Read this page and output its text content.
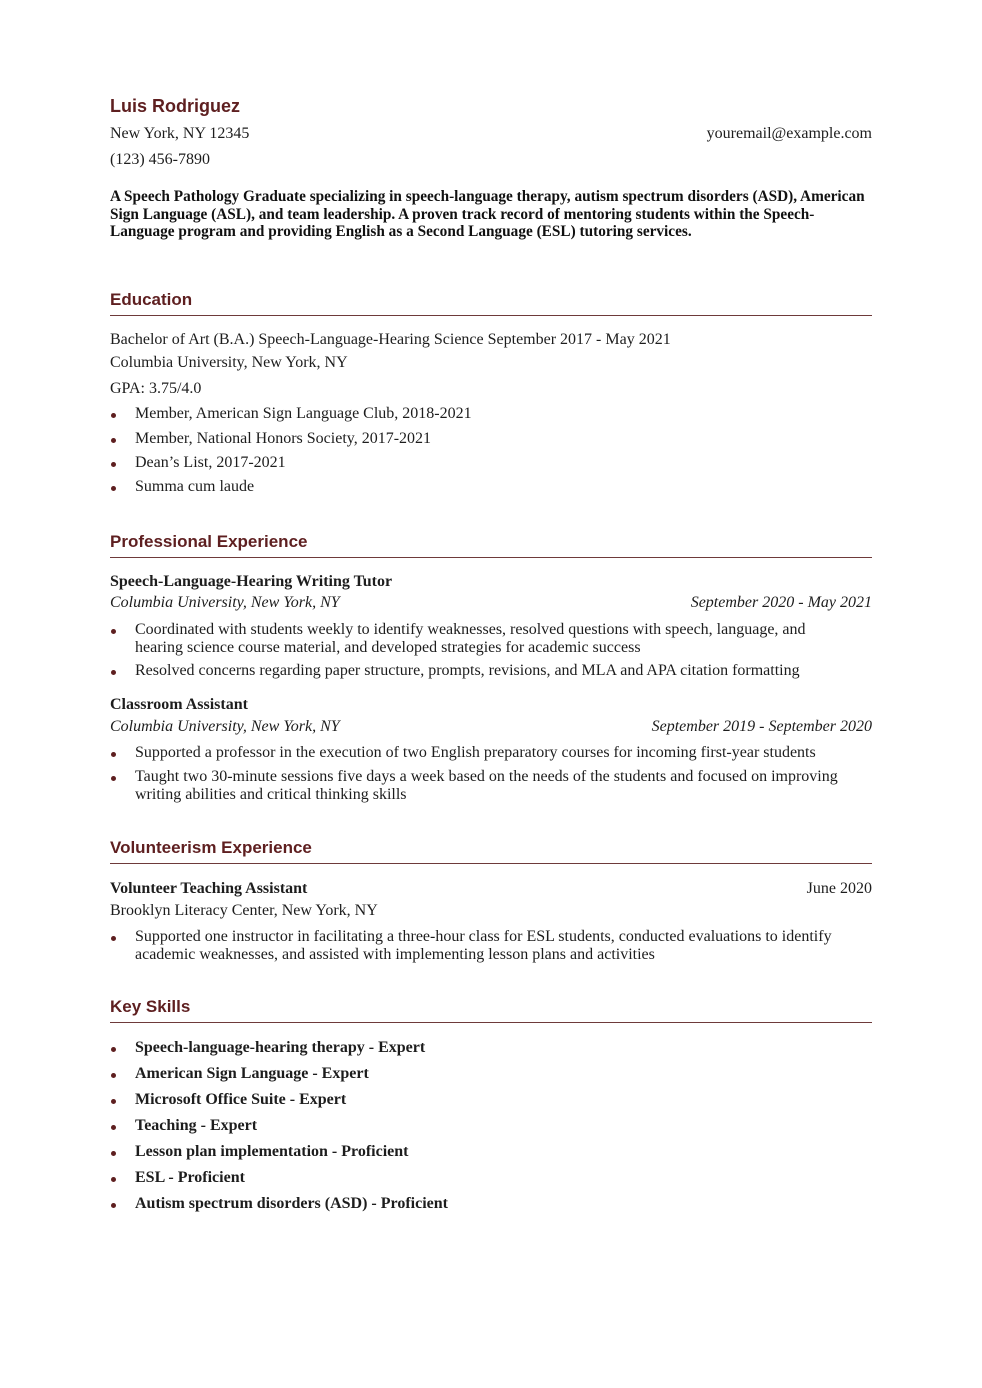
Luis Rodriguez
New York, NY 12345	youremail@example.com
(123) 456-7890
A Speech Pathology Graduate specializing in speech-language therapy, autism spectrum disorders (ASD), American Sign Language (ASL), and team leadership. A proven track record of mentoring students within the Speech-Language program and providing English as a Second Language (ESL) tutoring services.
Education
Bachelor of Art (B.A.) Speech-Language-Hearing Science September 2017 - May 2021
Columbia University, New York, NY
GPA: 3.75/4.0
Member, American Sign Language Club, 2018-2021
Member, National Honors Society, 2017-2021
Dean’s List, 2017-2021
Summa cum laude
Professional Experience
Speech-Language-Hearing Writing Tutor
Columbia University, New York, NY	September 2020 - May 2021
Coordinated with students weekly to identify weaknesses, resolved questions with speech, language, and hearing science course material, and developed strategies for academic success
Resolved concerns regarding paper structure, prompts, revisions, and MLA and APA citation formatting
Classroom Assistant
Columbia University, New York, NY	September 2019 - September 2020
Supported a professor in the execution of two English preparatory courses for incoming first-year students
Taught two 30-minute sessions five days a week based on the needs of the students and focused on improving writing abilities and critical thinking skills
Volunteerism Experience
Volunteer Teaching Assistant	June 2020
Brooklyn Literacy Center, New York, NY
Supported one instructor in facilitating a three-hour class for ESL students, conducted evaluations to identify academic weaknesses, and assisted with implementing lesson plans and activities
Key Skills
Speech-language-hearing therapy - Expert
American Sign Language - Expert
Microsoft Office Suite - Expert
Teaching - Expert
Lesson plan implementation - Proficient
ESL - Proficient
Autism spectrum disorders (ASD) - Proficient
